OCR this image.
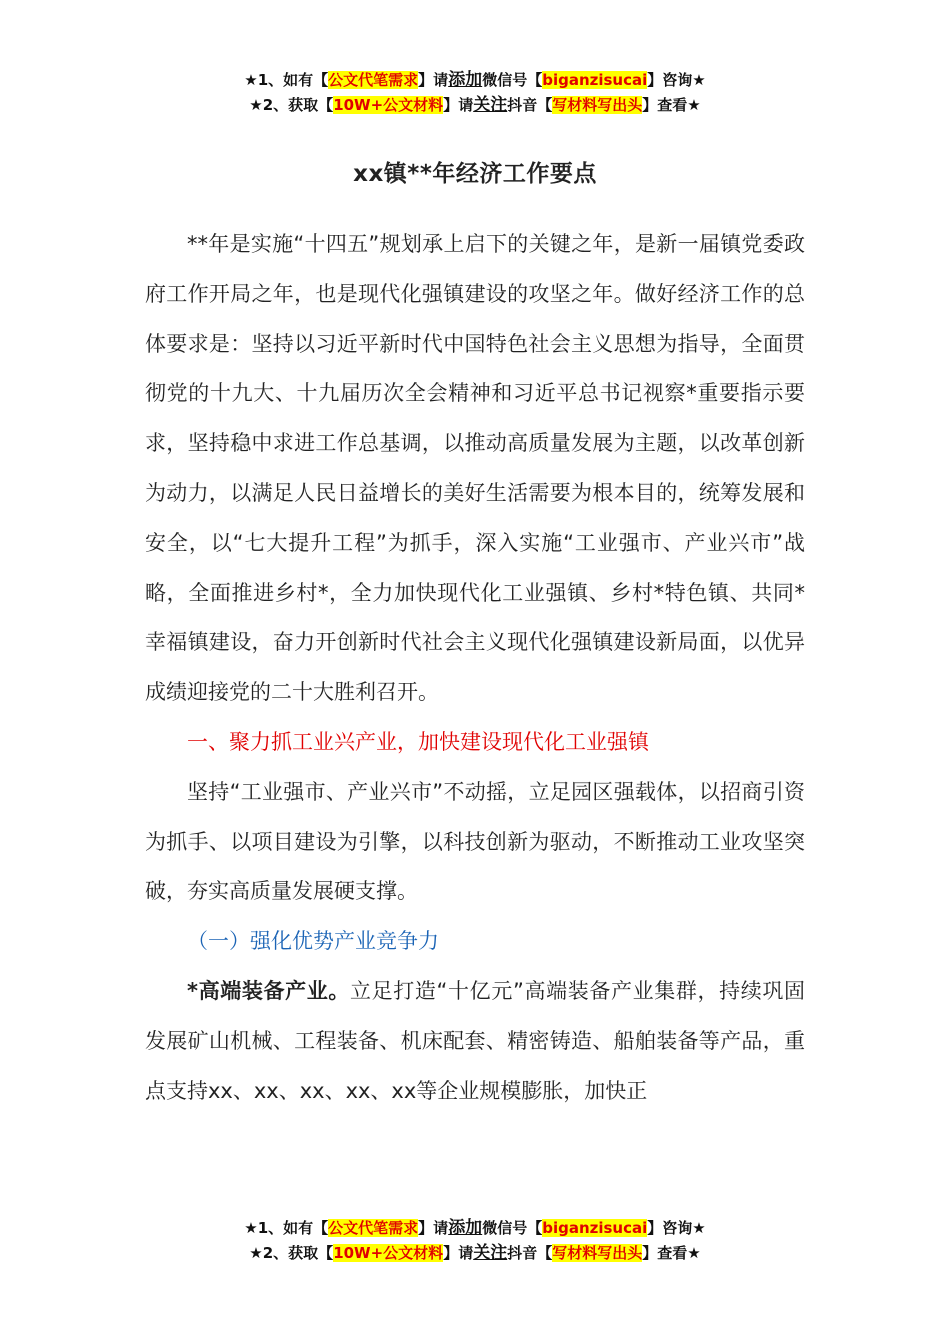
★1、如有【公文代笔需求】请添加微信号【biganzisucai】咨询★
★2、获取【10W+公文材料】请关注抖音【写材料写出头】查看★
xx镇**年经济工作要点

**年是实施“十四五”规划承上启下的关键之年，是新一届镇党委政府工作开局之年，也是现代化强镇建设的攻坚之年。做好经济工作的总体要求是：坚持以习近平新时代中国特色社会主义思想为指导，全面贯彻党的十九大、十九届历次全会精神和习近平总书记视察*重要指示要求，坚持稳中求进工作总基调，以推动高质量发展为主题，以改革创新为动力，以满足人民日益增长的美好生活需要为根本目的，统筹发展和安全，以“七大提升工程”为抓手，深入实施“工业强市、产业兴市”战略，全面推进乡村*，全力加快现代化工业强镇、乡村*特色镇、共同*幸福镇建设，奋力开创新时代社会主义现代化强镇建设新局面，以优异成绩迎接党的二十大胜利召开。

一、聚力抓工业兴产业，加快建设现代化工业强镇

坚持“工业强市、产业兴市”不动摇，立足园区强载体，以招商引资为抓手、以项目建设为引擎，以科技创新为驱动，不断推动工业攻坚突破，夯实高质量发展硬支撑。

（一）强化优势产业竞争力

*高端装备产业。立足打造“十亿元”高端装备产业集群，持续巩固发展矿山机械、工程装备、机床配套、精密铸造、船舶装备等产品，重点支持xx、xx、xx、xx、xx等企业规模膨胀，加快正

★1、如有【公文代笔需求】请添加微信号【biganzisucai】咨询★
★2、获取【10W+公文材料】请关注抖音【写材料写出头】查看★
